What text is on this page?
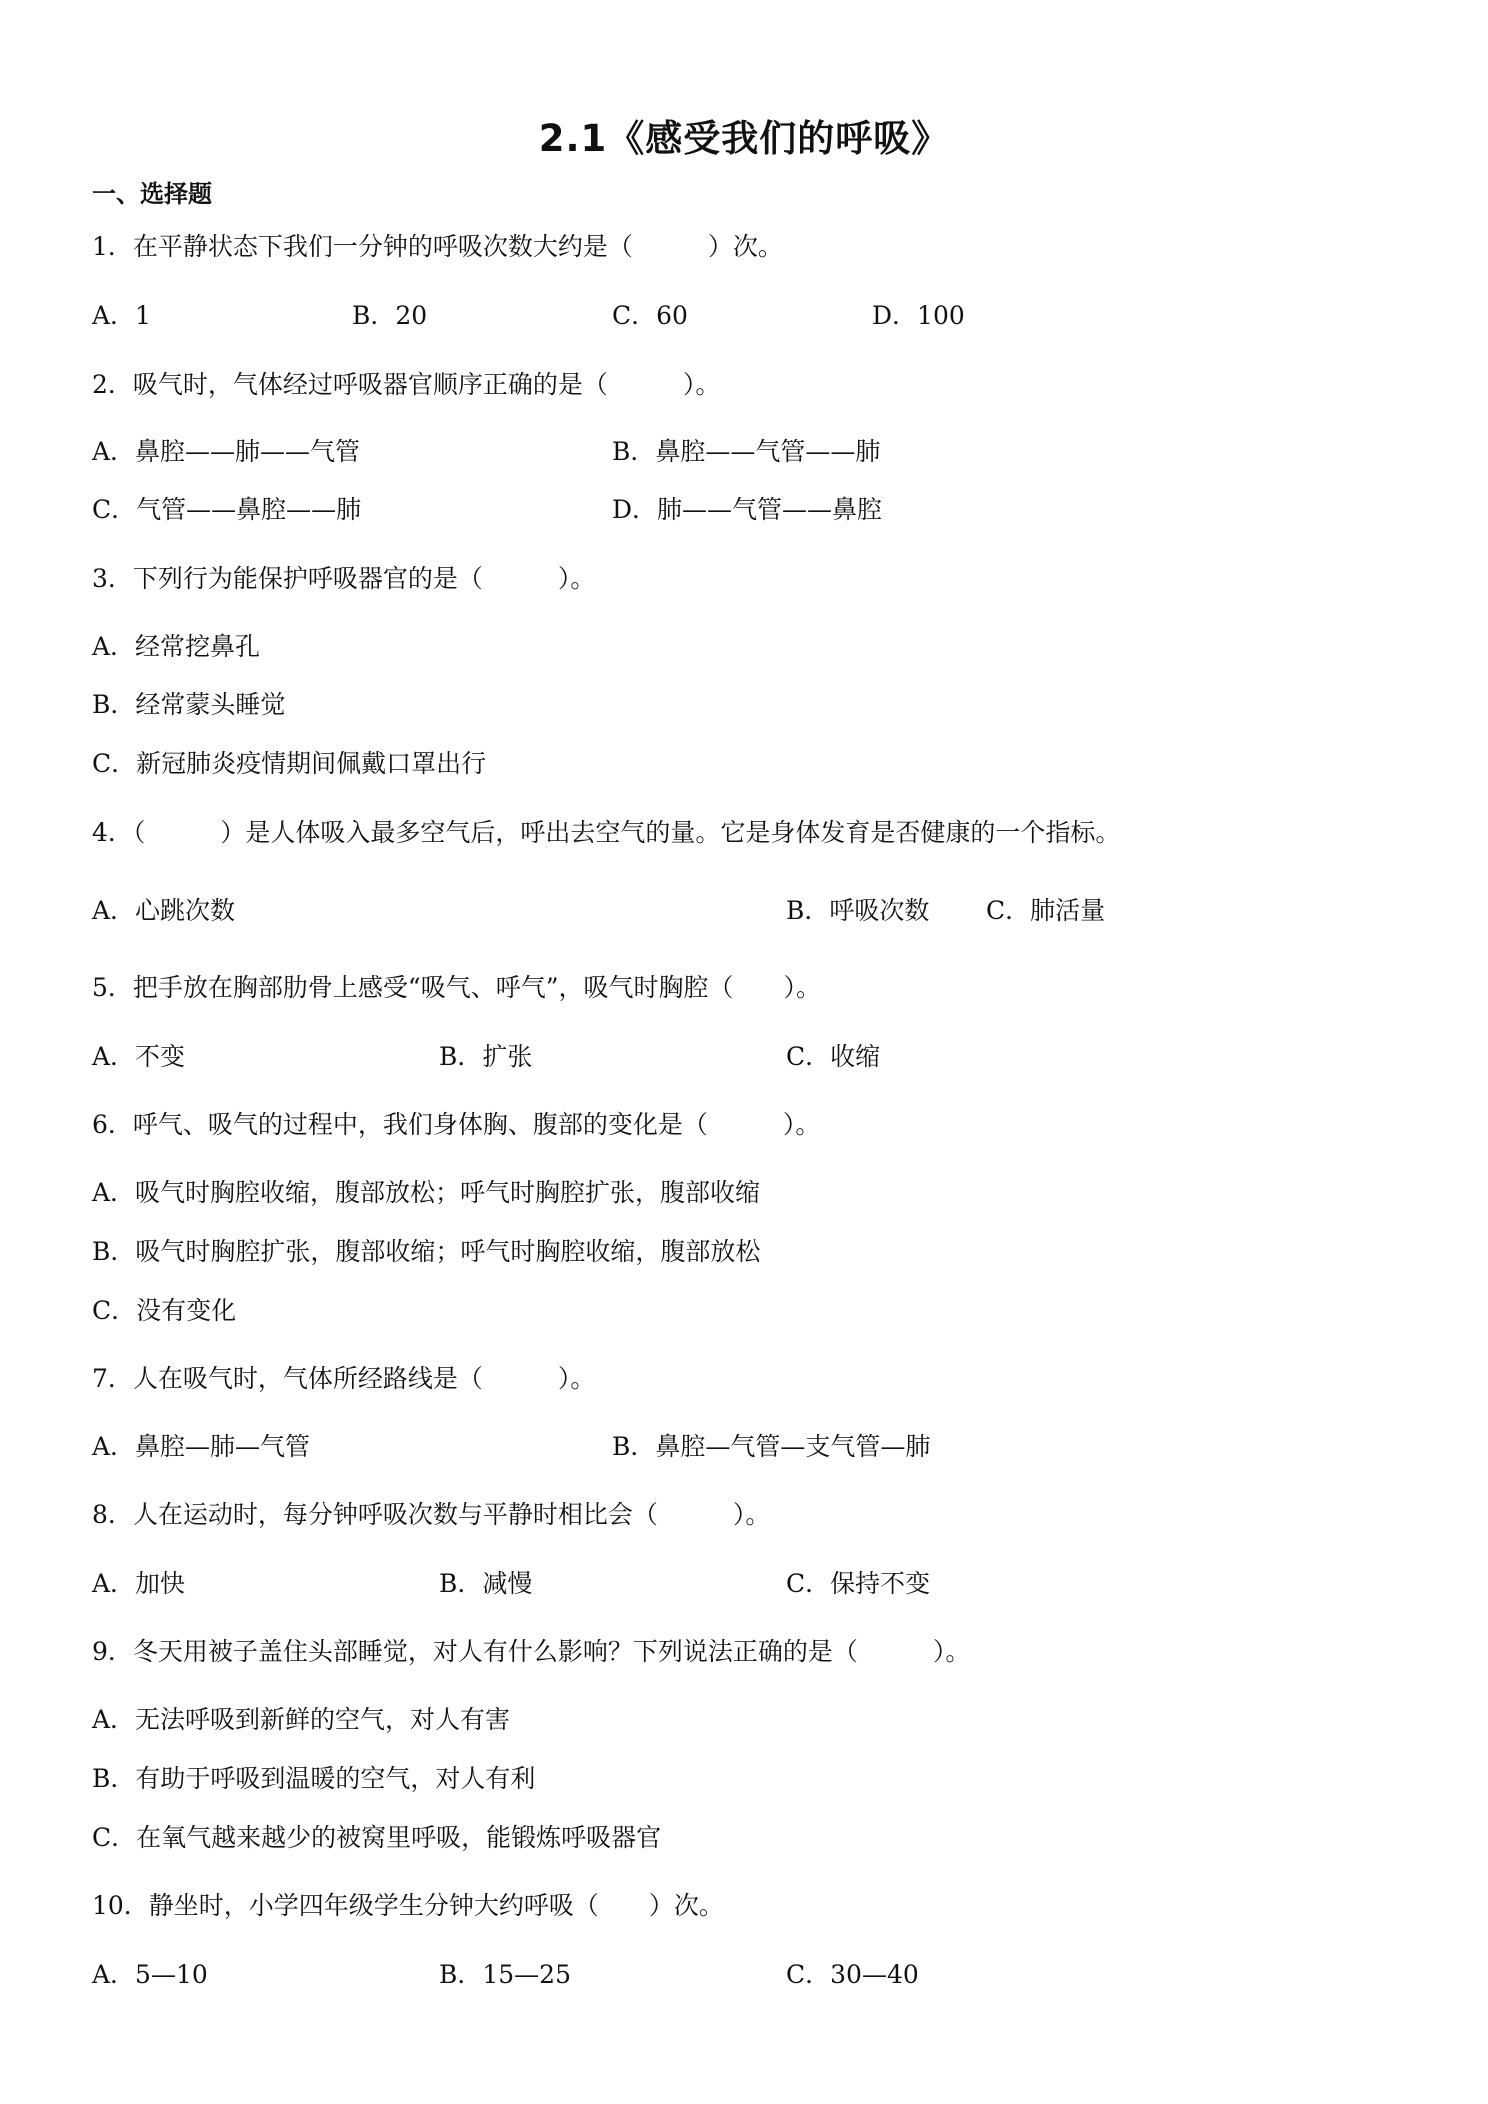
2.1《感受我们的呼吸》
一、选择题
1．在平静状态下我们一分钟的呼吸次数大约是（　　　）次。
A．1	B．20	C．60	D．100
2．吸气时，气体经过呼吸器官顺序正确的是（　　　）。
A．鼻腔——肺——气管	B．鼻腔——气管——肺
C．气管——鼻腔——肺	D．肺——气管——鼻腔
3．下列行为能保护呼吸器官的是（　　　）。
A．经常挖鼻孔
B．经常蒙头睡觉
C．新冠肺炎疫情期间佩戴口罩出行
4．（　　　）是人体吸入最多空气后，呼出去空气的量。它是身体发育是否健康的一个指标。
A．心跳次数	B．呼吸次数 C．肺活量
5．把手放在胸部肋骨上感受“吸气、呼气”，吸气时胸腔（　　）。
A．不变	B．扩张	C．收缩
6．呼气、吸气的过程中，我们身体胸、腹部的变化是（　　　）。
A．吸气时胸腔收缩，腹部放松；呼气时胸腔扩张，腹部收缩
B．吸气时胸腔扩张，腹部收缩；呼气时胸腔收缩，腹部放松
C．没有变化
7．人在吸气时，气体所经路线是（　　　）。
A．鼻腔—肺—气管	B．鼻腔—气管—支气管—肺
8．人在运动时，每分钟呼吸次数与平静时相比会（　　　）。
A．加快	B．减慢	C．保持不变
9．冬天用被子盖住头部睡觉，对人有什么影响？下列说法正确的是（　　　）。
A．无法呼吸到新鲜的空气，对人有害
B．有助于呼吸到温暖的空气，对人有利
C．在氧气越来越少的被窝里呼吸，能锻炼呼吸器官
10．静坐时，小学四年级学生分钟大约呼吸（　　）次。
A．5—10	B．15—25	C．30—40
